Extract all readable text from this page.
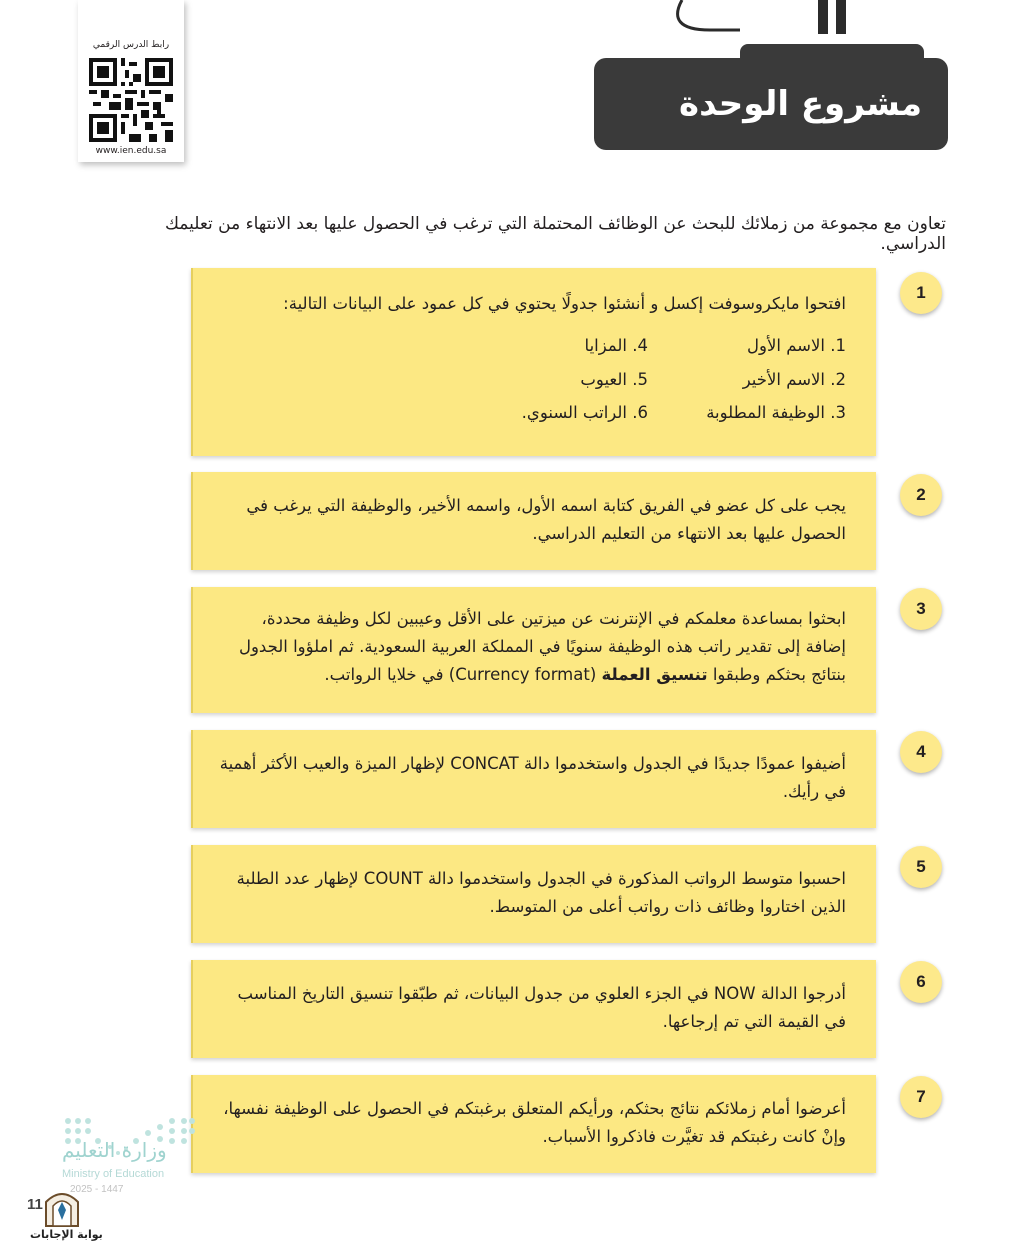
رابط الدرس الرقمي
www.ien.edu.sa
مشروع الوحدة
تعاون مع مجموعة من زملائك للبحث عن الوظائف المحتملة التي ترغب في الحصول عليها بعد الانتهاء من تعليمك الدراسي.
افتحوا مايكروسوفت إكسل و أنشئوا جدولًا يحتوي في كل عمود على البيانات التالية:
1. الاسم الأول
2. الاسم الأخير
3. الوظيفة المطلوبة
4. المزايا
5. العيوب
6. الراتب السنوي.
1
يجب على كل عضو في الفريق كتابة اسمه الأول، واسمه الأخير، والوظيفة التي يرغب في الحصول عليها بعد الانتهاء من التعليم الدراسي.
2
ابحثوا بمساعدة معلمكم في الإنترنت عن ميزتين على الأقل وعيبين لكل وظيفة محددة، إضافة إلى تقدير راتب هذه الوظيفة سنويًا في المملكة العربية السعودية. ثم املؤوا الجدول بنتائج بحثكم وطبقوا تنسيق العملة (Currency format) في خلايا الرواتب.
3
أضيفوا عمودًا جديدًا في الجدول واستخدموا دالة CONCAT لإظهار الميزة والعيب الأكثر أهمية في رأيك.
4
احسبوا متوسط الرواتب المذكورة في الجدول واستخدموا دالة COUNT لإظهار عدد الطلبة الذين اختاروا وظائف ذات رواتب أعلى من المتوسط.
5
أدرجوا الدالة NOW في الجزء العلوي من جدول البيانات، ثم طبّقوا تنسيق التاريخ المناسب في القيمة التي تم إرجاعها.
6
أعرضوا أمام زملائكم نتائج بحثكم، ورأيكم المتعلق برغبتكم في الحصول على الوظيفة نفسها، وإنْ كانت رغبتكم قد تغيَّرت فاذكروا الأسباب.
7
وزارة التعليم
Ministry of Education
2025 - 1447
11
بوابة الإجابات
